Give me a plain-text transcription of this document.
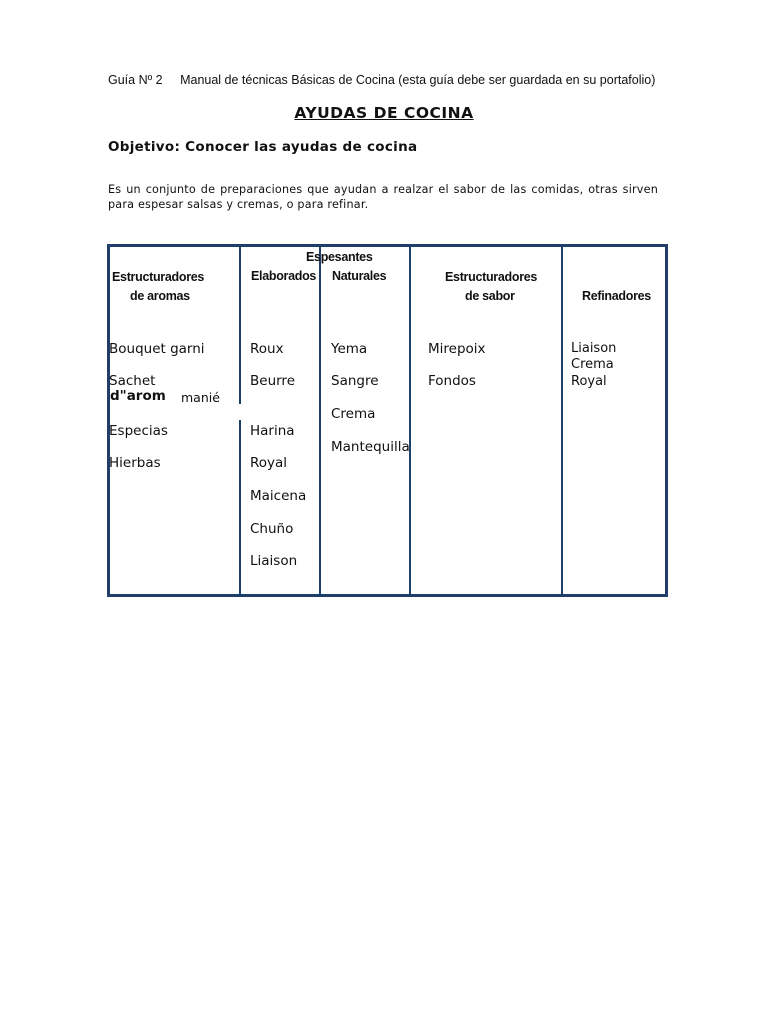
Guía Nº 2 Manual de técnicas Básicas de Cocina (esta guía debe ser guardada en su portafolio)
AYUDAS DE COCINA
Objetivo: Conocer las ayudas de cocina
Es un conjunto de preparaciones que ayudan a realzar el sabor de las comidas, otras sirven para espesar salsas y cremas, o para refinar.
Estructuradores
de aromas
Espesantes
Elaborados Naturales	Estructuradores
de sabor	Refinadores
Bouquet garni
Sachet
d"arom manié
Especias
Hierbas
Roux
Beurre
Harina
Royal
Maicena
Chuño
Liaison
Yema
Sangre
Crema
Mantequilla
Mirepoix
Fondos
Liaison
Crema
Royal
